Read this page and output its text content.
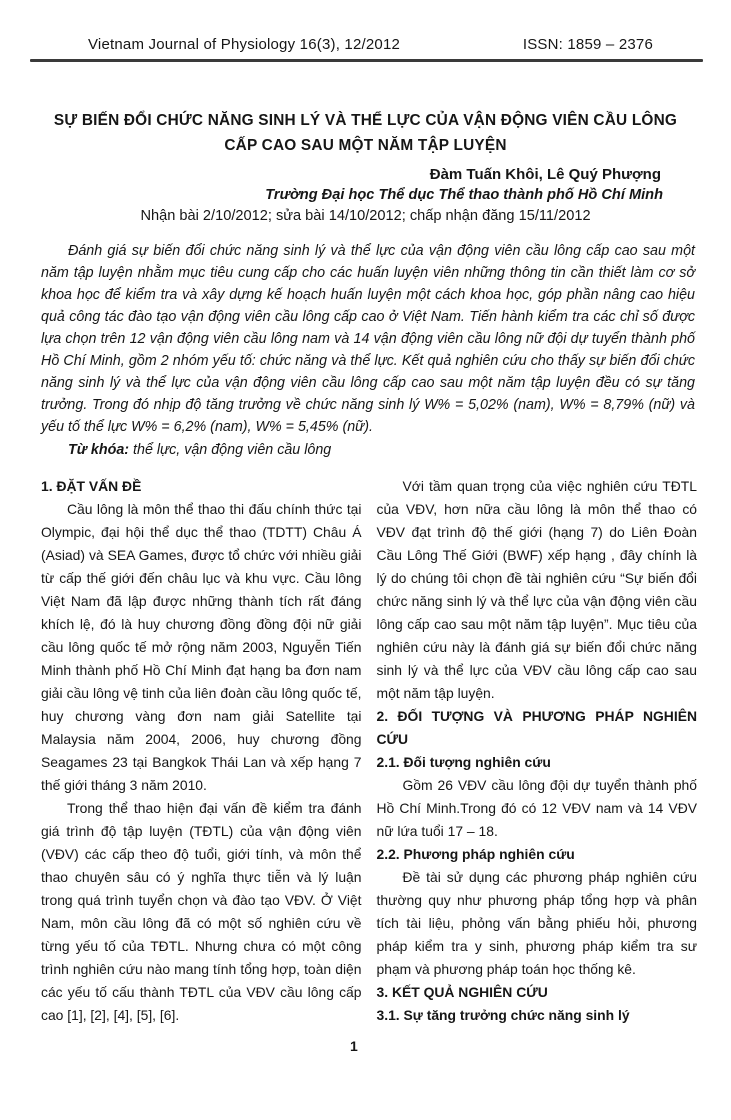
Vietnam Journal of Physiology 16(3), 12/2012	ISSN: 1859 – 2376
SỰ BIẾN ĐỔI CHỨC NĂNG SINH LÝ VÀ THỂ LỰC CỦA VẬN ĐỘNG VIÊN CẦU LÔNG CẤP CAO SAU MỘT NĂM TẬP LUYỆN
Đàm Tuấn Khôi, Lê Quý Phượng
Trường Đại học Thể dục Thể thao thành phố Hồ Chí Minh
Nhận bài 2/10/2012; sửa bài 14/10/2012; chấp nhận đăng 15/11/2012

Đánh giá sự biến đổi chức năng sinh lý và thể lực của vận động viên cầu lông cấp cao sau một năm tập luyện nhằm mục tiêu cung cấp cho các huấn luyện viên những thông tin cần thiết làm cơ sở khoa học để kiểm tra và xây dựng kế hoạch huấn luyện một cách khoa học, góp phần nâng cao hiệu quả công tác đào tạo vận động viên cầu lông cấp cao ở Việt Nam. Tiến hành kiểm tra các chỉ số được lựa chọn trên 12 vận động viên cầu lông nam và 14 vận động viên cầu lông nữ đội dự tuyển thành phố Hồ Chí Minh, gồm 2 nhóm yếu tố: chức năng và thể lực. Kết quả nghiên cứu cho thấy sự biến đổi chức năng sinh lý và thể lực của vận động viên cầu lông cấp cao sau một năm tập luyện đều có sự tăng trưởng. Trong đó nhịp độ tăng trưởng về chức năng sinh lý W% = 5,02% (nam), W% = 8,79% (nữ) và yếu tố thể lực W% = 6,2% (nam), W% = 5,45% (nữ).

Từ khóa: thể lực, vận động viên cầu lông

1. ĐẶT VẤN ĐỀ

Cầu lông là môn thể thao thi đấu chính thức tại Olympic, đại hội thể dục thể thao (TDTT) Châu Á (Asiad) và SEA Games, được tổ chức với nhiều giải từ cấp thế giới đến châu lục và khu vực. Cầu lông Việt Nam đã lập được những thành tích rất đáng khích lệ, đó là huy chương đồng đồng đội nữ giải cầu lông quốc tế mở rộng năm 2003, Nguyễn Tiến Minh thành phố Hồ Chí Minh đạt hạng ba đơn nam giải cầu lông vệ tinh của liên đoàn cầu lông quốc tế, huy chương vàng đơn nam giải Satellite tại Malaysia năm 2004, 2006, huy chương đồng Seagames 23 tại Bangkok Thái Lan và xếp hạng 7 thế giới tháng 3 năm 2010.

Trong thể thao hiện đại vấn đề kiểm tra đánh giá trình độ tập luyện (TĐTL) của vận động viên (VĐV) các cấp theo độ tuổi, giới tính, và môn thể thao chuyên sâu có ý nghĩa thực tiễn và lý luận trong quá trình tuyển chọn và đào tạo VĐV. Ở Việt Nam, môn cầu lông đã có một số nghiên cứu về từng yếu tố của TĐTL. Nhưng chưa có một công trình nghiên cứu nào mang tính tổng hợp, toàn diện các yếu tố cấu thành TĐTL của VĐV cầu lông cấp cao [1], [2], [4], [5], [6].

Với tầm quan trọng của việc nghiên cứu TĐTL của VĐV, hơn nữa cầu lông là môn thể thao có VĐV đạt trình độ thế giới (hạng 7) do Liên Đoàn Cầu Lông Thế Giới (BWF) xếp hạng , đây chính là lý do chúng tôi chọn đề tài nghiên cứu “Sự biến đổi chức năng sinh lý và thể lực của vận động viên cầu lông cấp cao sau một năm tập luyện”. Mục tiêu của nghiên cứu này là đánh giá sự biến đổi chức năng sinh lý và thể lực của VĐV cầu lông cấp cao sau một năm tập luyện.

2. ĐỐI TƯỢNG VÀ PHƯƠNG PHÁP NGHIÊN CỨU
2.1. Đối tượng nghiên cứu

Gồm 26 VĐV cầu lông đội dự tuyển thành phố Hồ Chí Minh.Trong đó có 12 VĐV nam và 14 VĐV nữ lứa tuổi 17 – 18.

2.2. Phương pháp nghiên cứu

Đề tài sử dụng các phương pháp nghiên cứu thường quy như phương pháp tổng hợp và phân tích tài liệu, phỏng vấn bằng phiếu hỏi, phương pháp kiểm tra y sinh, phương pháp kiểm tra sư phạm và phương pháp toán học thống kê.

3. KẾT QUẢ NGHIÊN CỨU
3.1. Sự tăng trưởng chức năng sinh lý
1
